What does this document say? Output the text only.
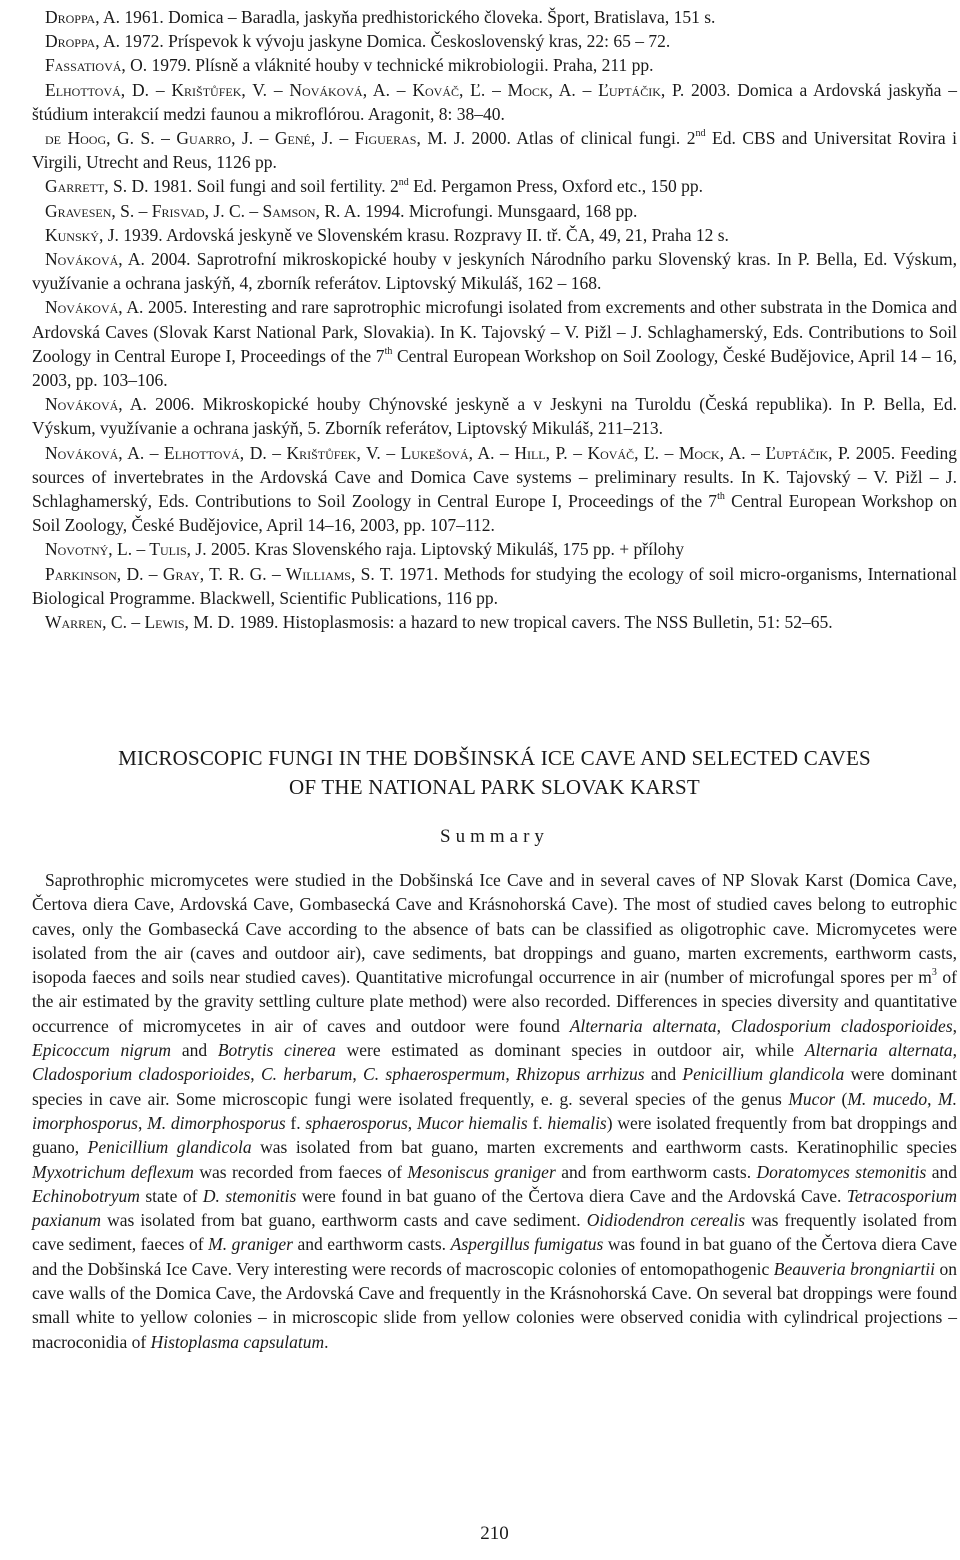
Droppa, A. 1961. Domica – Baradla, jaskyňa predhistorického človeka. Šport, Bratislava, 151 s.

Droppa, A. 1972. Príspevok k vývoju jaskyne Domica. Československý kras, 22: 65 – 72.

Fassatiová, O. 1979. Plísně a vláknité houby v technické mikrobiologii. Praha, 211 pp.

Elhottová, D. – Krištůfek, V. – Nováková, A. – Kováč, Ľ. – Mock, A. – Ľuptáčik, P. 2003. Domica a Ardovská jaskyňa – štúdium interakcií medzi faunou a mikroflórou. Aragonit, 8: 38–40.

de Hoog, G. S. – Guarro, J. – Gené, J. – Figueras, M. J. 2000. Atlas of clinical fungi. 2nd Ed. CBS and Universitat Rovira i Virgili, Utrecht and Reus, 1126 pp.

Garrett, S. D. 1981. Soil fungi and soil fertility. 2nd Ed. Pergamon Press, Oxford etc., 150 pp.

Gravesen, S. – Frisvad, J. C. – Samson, R. A. 1994. Microfungi. Munsgaard, 168 pp.

Kunský, J. 1939. Ardovská jeskyně ve Slovenském krasu. Rozpravy II. tř. ČA, 49, 21, Praha 12 s.

Nováková, A. 2004. Saprotrofní mikroskopické houby v jeskyních Národního parku Slovenský kras. In P. Bella, Ed. Výskum, využívanie a ochrana jaskýň, 4, zborník referátov. Liptovský Mikuláš, 162 – 168.

Nováková, A. 2005. Interesting and rare saprotrophic microfungi isolated from excrements and other substrata in the Domica and Ardovská Caves (Slovak Karst National Park, Slovakia). In K. Tajovský – V. Pižl – J. Schlaghamerský, Eds. Contributions to Soil Zoology in Central Europe I, Proceedings of the 7th Central European Workshop on Soil Zoology, České Budějovice, April 14 – 16, 2003, pp. 103–106.

Nováková, A. 2006. Mikroskopické houby Chýnovské jeskyně a v Jeskyni na Turoldu (Česká republika). In P. Bella, Ed. Výskum, využívanie a ochrana jaskýň, 5. Zborník referátov, Liptovský Mikuláš, 211–213.

Nováková, A. – Elhottová, D. – Krištůfek, V. – Lukešová, A. – Hill, P. – Kováč, Ľ. – Mock, A. – Ľuptáčik, P. 2005. Feeding sources of invertebrates in the Ardovská Cave and Domica Cave systems – preliminary results. In K. Tajovský – V. Pižl – J. Schlaghamerský, Eds. Contributions to Soil Zoology in Central Europe I, Proceedings of the 7th Central European Workshop on Soil Zoology, České Budějovice, April 14–16, 2003, pp. 107–112.

Novotný, L. – Tulis, J. 2005. Kras Slovenského raja. Liptovský Mikuláš, 175 pp. + přílohy

Parkinson, D. – Gray, T. R. G. – Williams, S. T. 1971. Methods for studying the ecology of soil micro-organisms, International Biological Programme. Blackwell, Scientific Publications, 116 pp.

Warren, C. – Lewis, M. D. 1989. Histoplasmosis: a hazard to new tropical cavers. The NSS Bulletin, 51: 52–65.

MICROSCOPIC FUNGI IN THE DOBŠINSKÁ ICE CAVE AND SELECTED CAVES
OF THE NATIONAL PARK SLOVAK KARST
Summary

Saprothrophic micromycetes were studied in the Dobšinská Ice Cave and in several caves of NP Slovak Karst (Domica Cave, Čertova diera Cave, Ardovská Cave, Gombasecká Cave and Krásnohorská Cave). The most of studied caves belong to eutrophic caves, only the Gombasecká Cave according to the absence of bats can be classified as oligotrophic cave. Micromycetes were isolated from the air (caves and outdoor air), cave sediments, bat droppings and guano, marten excrements, earthworm casts, isopoda faeces and soils near studied caves). Quantitative microfungal occurrence in air (number of microfungal spores per $m^3$ of the air estimated by the gravity settling culture plate method) were also recorded. Differences in species diversity and quantitative occurrence of micromycetes in air of caves and outdoor were found Alternaria alternata, Cladosporium cladosporioides, Epicoccum nigrum and Botrytis cinerea were estimated as dominant species in outdoor air, while Alternaria alternata, Cladosporium cladosporioides, C. herbarum, C. sphaerospermum, Rhizopus arrhizus and Penicillium glandicola were dominant species in cave air. Some microscopic fungi were isolated frequently, e. g. several species of the genus Mucor (M. mucedo, M. imorphosporus, M. dimorphosporus f. sphaerosporus, Mucor hiemalis f. hiemalis) were isolated frequently from bat droppings and guano, Penicillium glandicola was isolated from bat guano, marten excrements and earthworm casts. Keratinophilic species Myxotrichum deflexum was recorded from faeces of Mesoniscus graniger and from earthworm casts. Doratomyces stemonitis and Echinobotryum state of D. stemonitis were found in bat guano of the Čertova diera Cave and the Ardovská Cave. Tetracosporium paxianum was isolated from bat guano, earthworm casts and cave sediment. Oidiodendron cerealis was frequently isolated from cave sediment, faeces of M. graniger and earthworm casts. Aspergillus fumigatus was found in bat guano of the Čertova diera Cave and the Dobšinská Ice Cave. Very interesting were records of macroscopic colonies of entomopathogenic Beauveria brongniartii on cave walls of the Domica Cave, the Ardovská Cave and frequently in the Krásnohorská Cave. On several bat droppings were found small white to yellow colonies – in microscopic slide from yellow colonies were observed conidia with cylindrical projections – macroconidia of Histoplasma capsulatum.

210
